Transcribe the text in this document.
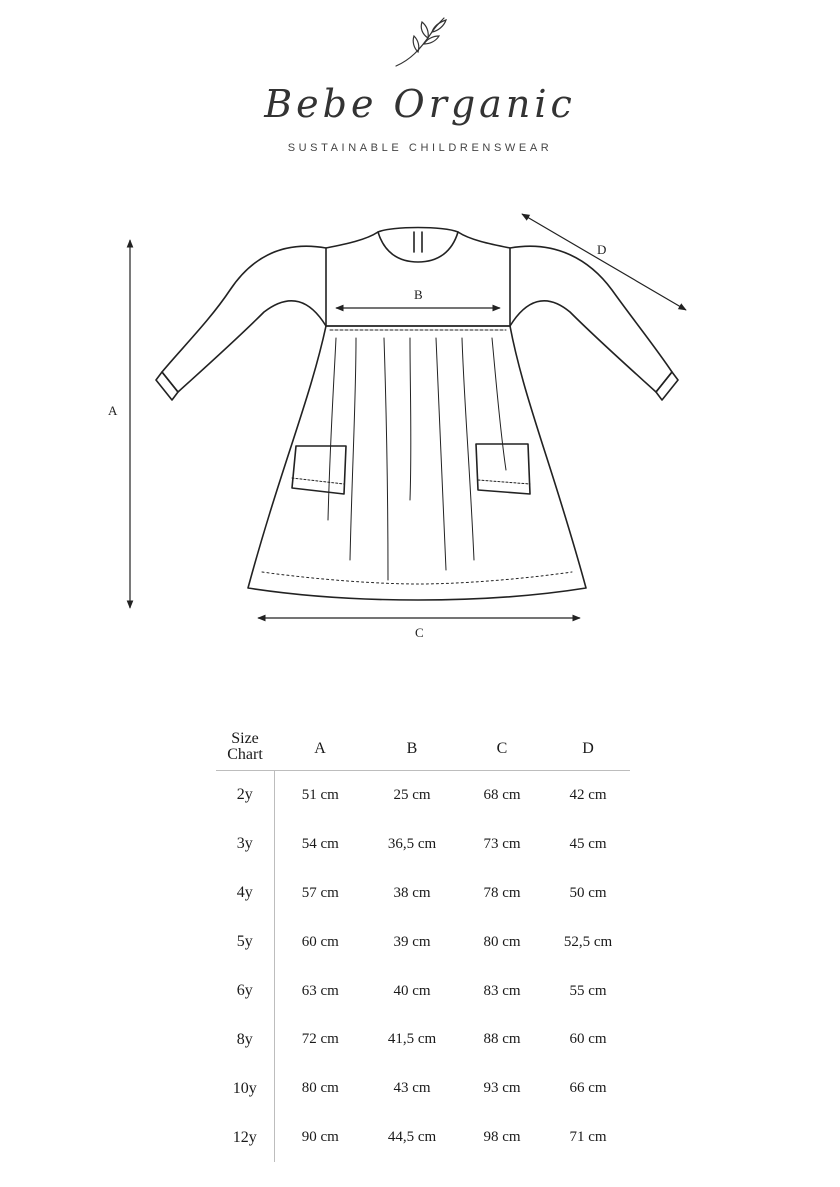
Bebe Organic
SUSTAINABLE CHILDRENSWEAR
A
B
C
D
Size
Chart	A	B	C	D
2y	51 cm	25 cm	68 cm	42 cm
3y	54 cm	36,5 cm	73 cm	45 cm
4y	57 cm	38 cm	78 cm	50 cm
5y	60 cm	39 cm	80 cm	52,5 cm
6y	63 cm	40 cm	83 cm	55 cm
8y	72 cm	41,5 cm	88 cm	60 cm
10y	80 cm	43 cm	93 cm	66 cm
12y	90 cm	44,5 cm	98 cm	71 cm
